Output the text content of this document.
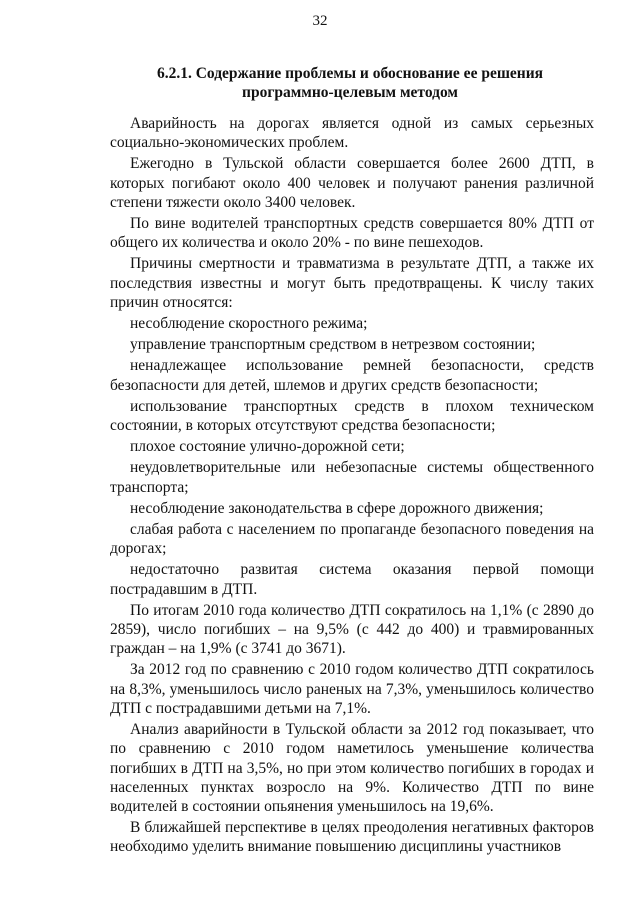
32
6.2.1. Содержание проблемы и обоснование ее решения
программно-целевым методом

Аварийность на дорогах является одной из самых серьезных социально-экономических проблем.

Ежегодно в Тульской области совершается более 2600 ДТП, в которых погибают около 400 человек и получают ранения различной степени тяжести около 3400 человек.

По вине водителей транспортных средств совершается 80% ДТП от общего их количества и около 20% - по вине пешеходов.

Причины смертности и травматизма в результате ДТП, а также их последствия известны и могут быть предотвращены. К числу таких причин относятся:

несоблюдение скоростного режима;

управление транспортным средством в нетрезвом состоянии;

ненадлежащее использование ремней безопасности, средств безопасности для детей, шлемов и других средств безопасности;

использование транспортных средств в плохом техническом состоянии, в которых отсутствуют средства безопасности;

плохое состояние улично-дорожной сети;

неудовлетворительные или небезопасные системы общественного транспорта;

несоблюдение законодательства в сфере дорожного движения;

слабая работа с населением по пропаганде безопасного поведения на дорогах;

недостаточно развитая система оказания первой помощи пострадавшим в ДТП.

По итогам 2010 года количество ДТП сократилось на 1,1% (с 2890 до 2859), число погибших – на 9,5% (с 442 до 400) и травмированных граждан – на 1,9% (с 3741 до 3671).

За 2012 год по сравнению с 2010 годом количество ДТП сократилось на 8,3%, уменьшилось число раненых на 7,3%, уменьшилось количество ДТП с пострадавшими детьми на 7,1%.

Анализ аварийности в Тульской области за 2012 год показывает, что по сравнению с 2010 годом наметилось уменьшение количества погибших в ДТП на 3,5%, но при этом количество погибших в городах и населенных пунктах возросло на 9%. Количество ДТП по вине водителей в состоянии опьянения уменьшилось на 19,6%.

В ближайшей перспективе в целях преодоления негативных факторов необходимо уделить внимание повышению дисциплины участников
